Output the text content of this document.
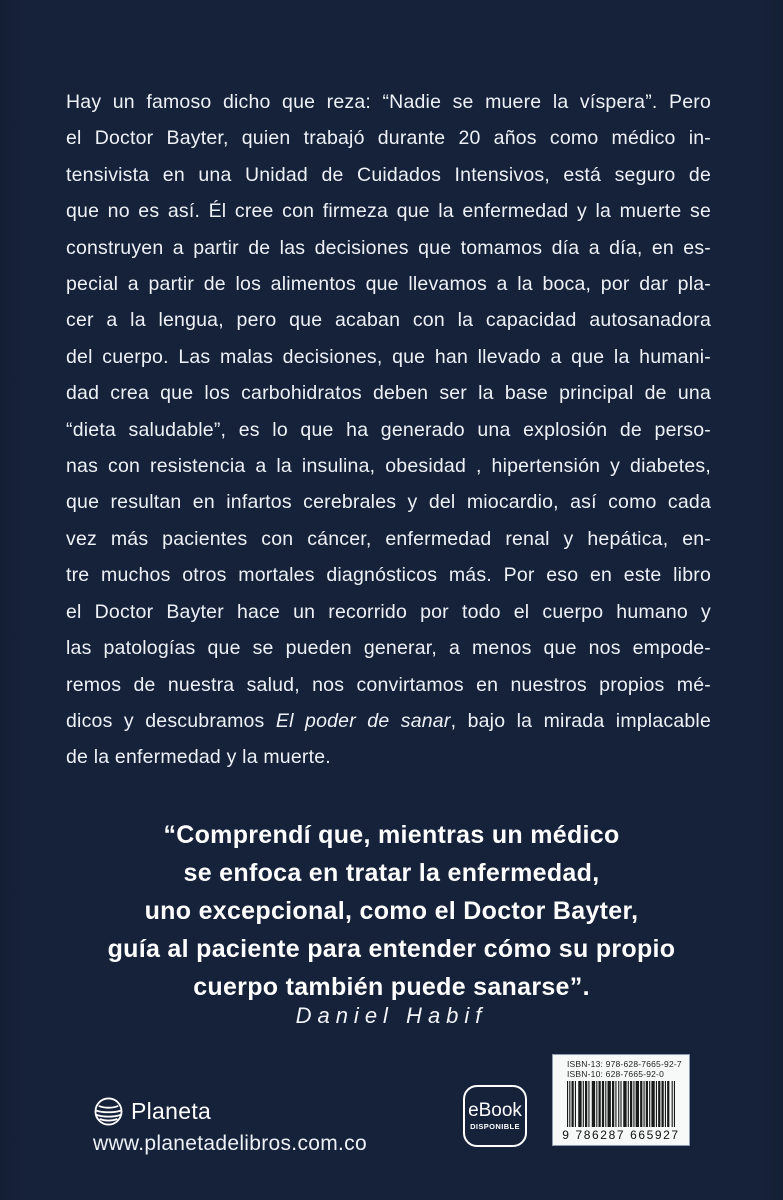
Hay un famoso dicho que reza: “Nadie se muere la víspera”. Pero
el Doctor Bayter, quien trabajó durante 20 años como médico in-
tensivista en una Unidad de Cuidados Intensivos, está seguro de
que no es así. Él cree con firmeza que la enfermedad y la muerte se
construyen a partir de las decisiones que tomamos día a día, en es-
pecial a partir de los alimentos que llevamos a la boca, por dar pla-
cer a la lengua, pero que acaban con la capacidad autosanadora
del cuerpo. Las malas decisiones, que han llevado a que la humani-
dad crea que los carbohidratos deben ser la base principal de una
“dieta saludable”, es lo que ha generado una explosión de perso-
nas con resistencia a la insulina, obesidad , hipertensión y diabetes,
que resultan en infartos cerebrales y del miocardio, así como cada
vez más pacientes con cáncer, enfermedad renal y hepática, en-
tre muchos otros mortales diagnósticos más. Por eso en este libro
el Doctor Bayter hace un recorrido por todo el cuerpo humano y
las patologías que se pueden generar, a menos que nos empode-
remos de nuestra salud, nos convirtamos en nuestros propios mé-
dicos y descubramos El poder de sanar, bajo la mirada implacable
de la enfermedad y la muerte.
“Comprendí que, mientras un médico
se enfoca en tratar la enfermedad,
uno excepcional, como el Doctor Bayter,
guía al paciente para entender cómo su propio
cuerpo también puede sanarse”.
Daniel Habif
Planeta
www.planetadelibros.com.co
eBook
DISPONIBLE
ISBN-13: 978-628-7665-92-7
ISBN-10: 628-7665-92-0
9 786287 665927
